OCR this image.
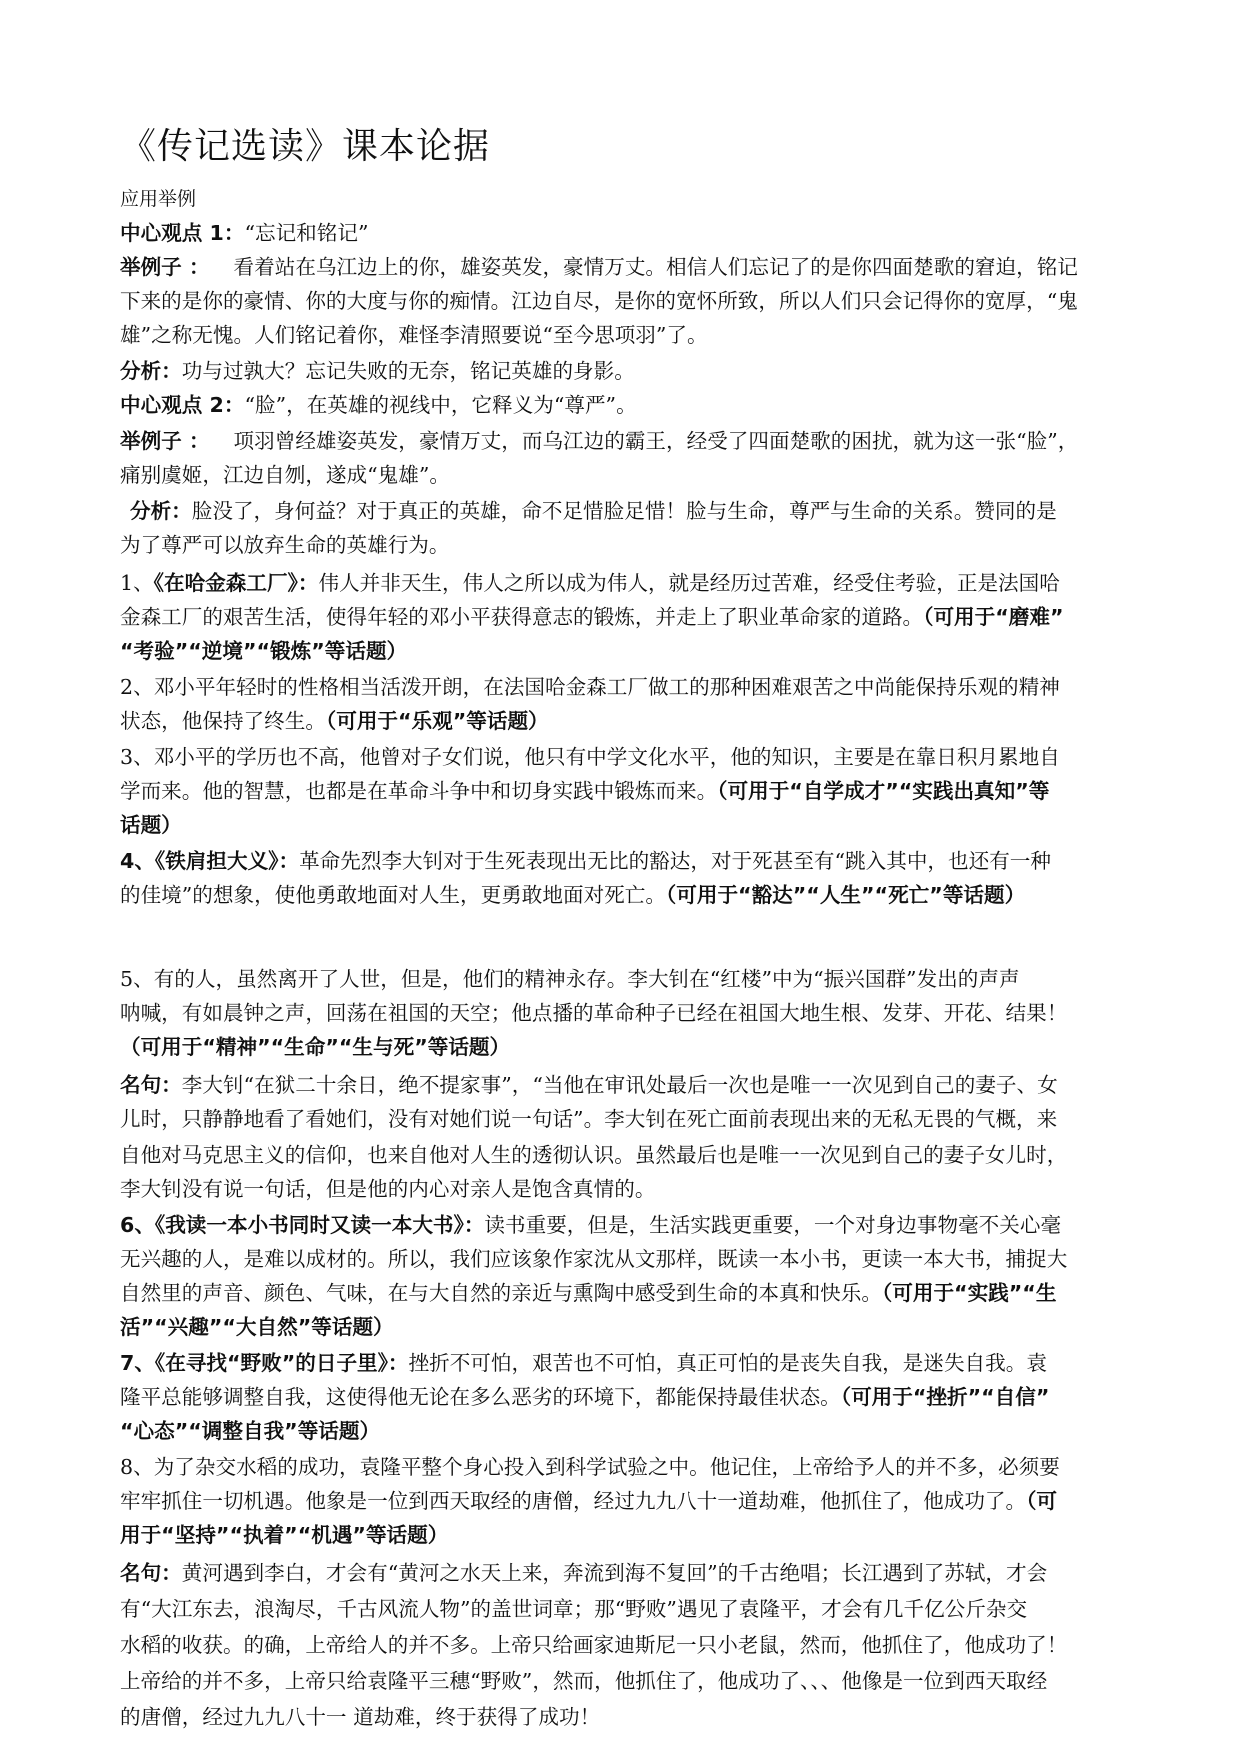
《传记选读》课本论据
应用举例
中心观点 1：“忘记和铭记”
举例子 ： 看着站在乌江边上的你，雄姿英发，豪情万丈。相信人们忘记了的是你四面楚歌的窘迫，铭记
下来的是你的豪情、你的大度与你的痴情。江边自尽，是你的宽怀所致，所以人们只会记得你的宽厚，“鬼
雄”之称无愧。人们铭记着你，难怪李清照要说“至今思项羽”了。
分析：功与过孰大？忘记失败的无奈，铭记英雄的身影。
中心观点 2：“脸”，在英雄的视线中，它释义为“尊严”。
举例子 ： 项羽曾经雄姿英发，豪情万丈，而乌江边的霸王，经受了四面楚歌的困扰，就为这一张“脸”，
痛别虞姬，江边自刎，遂成“鬼雄”。
分析：脸没了，身何益？对于真正的英雄，命不足惜脸足惜！脸与生命，尊严与生命的关系。赞同的是
为了尊严可以放弃生命的英雄行为。
1、《在哈金森工厂》：伟人并非天生，伟人之所以成为伟人，就是经历过苦难，经受住考验，正是法国哈
金森工厂的艰苦生活，使得年轻的邓小平获得意志的锻炼，并走上了职业革命家的道路。（可用于“磨难”
“考验”“逆境”“锻炼”等话题）
2、邓小平年轻时的性格相当活泼开朗，在法国哈金森工厂做工的那种困难艰苦之中尚能保持乐观的精神
状态，他保持了终生。（可用于“乐观”等话题）
3、邓小平的学历也不高，他曾对子女们说，他只有中学文化水平，他的知识，主要是在靠日积月累地自
学而来。他的智慧，也都是在革命斗争中和切身实践中锻炼而来。（可用于“自学成才”“实践出真知”等
话题）
4、《铁肩担大义》：革命先烈李大钊对于生死表现出无比的豁达，对于死甚至有“跳入其中，也还有一种
的佳境”的想象，使他勇敢地面对人生，更勇敢地面对死亡。（可用于“豁达”“人生”“死亡”等话题）
5、有的人，虽然离开了人世，但是，他们的精神永存。李大钊在“红楼”中为“振兴国群”发出的声声
呐喊，有如晨钟之声，回荡在祖国的天空；他点播的革命种子已经在祖国大地生根、发芽、开花、结果！
（可用于“精神”“生命”“生与死”等话题）
名句：李大钊“在狱二十余日，绝不提家事”，“当他在审讯处最后一次也是唯一一次见到自己的妻子、女
儿时，只静静地看了看她们，没有对她们说一句话”。李大钊在死亡面前表现出来的无私无畏的气概，来
自他对马克思主义的信仰，也来自他对人生的透彻认识。虽然最后也是唯一一次见到自己的妻子女儿时，
李大钊没有说一句话，但是他的内心对亲人是饱含真情的。
6、《我读一本小书同时又读一本大书》：读书重要，但是，生活实践更重要，一个对身边事物毫不关心毫
无兴趣的人，是难以成材的。所以，我们应该象作家沈从文那样，既读一本小书，更读一本大书，捕捉大
自然里的声音、颜色、气味，在与大自然的亲近与熏陶中感受到生命的本真和快乐。（可用于“实践”“生
活”“兴趣”“大自然”等话题）
7、《在寻找“野败”的日子里》：挫折不可怕，艰苦也不可怕，真正可怕的是丧失自我，是迷失自我。袁
隆平总能够调整自我，这使得他无论在多么恶劣的环境下，都能保持最佳状态。（可用于“挫折”“自信”
“心态”“调整自我”等话题）
8、为了杂交水稻的成功，袁隆平整个身心投入到科学试验之中。他记住，上帝给予人的并不多，必须要
牢牢抓住一切机遇。他象是一位到西天取经的唐僧，经过九九八十一道劫难，他抓住了，他成功了。（可
用于“坚持”“执着”“机遇”等话题）
名句：黄河遇到李白，才会有“黄河之水天上来，奔流到海不复回”的千古绝唱；长江遇到了苏轼，才会
有“大江东去，浪淘尽，千古风流人物”的盖世词章；那“野败”遇见了袁隆平，才会有几千亿公斤杂交
水稻的收获。的确，上帝给人的并不多。上帝只给画家迪斯尼一只小老鼠，然而，他抓住了，他成功了！
上帝给的并不多，上帝只给袁隆平三穗“野败”，然而，他抓住了，他成功了、、、他像是一位到西天取经
的唐僧，经过九九八十一 道劫难，终于获得了成功！
